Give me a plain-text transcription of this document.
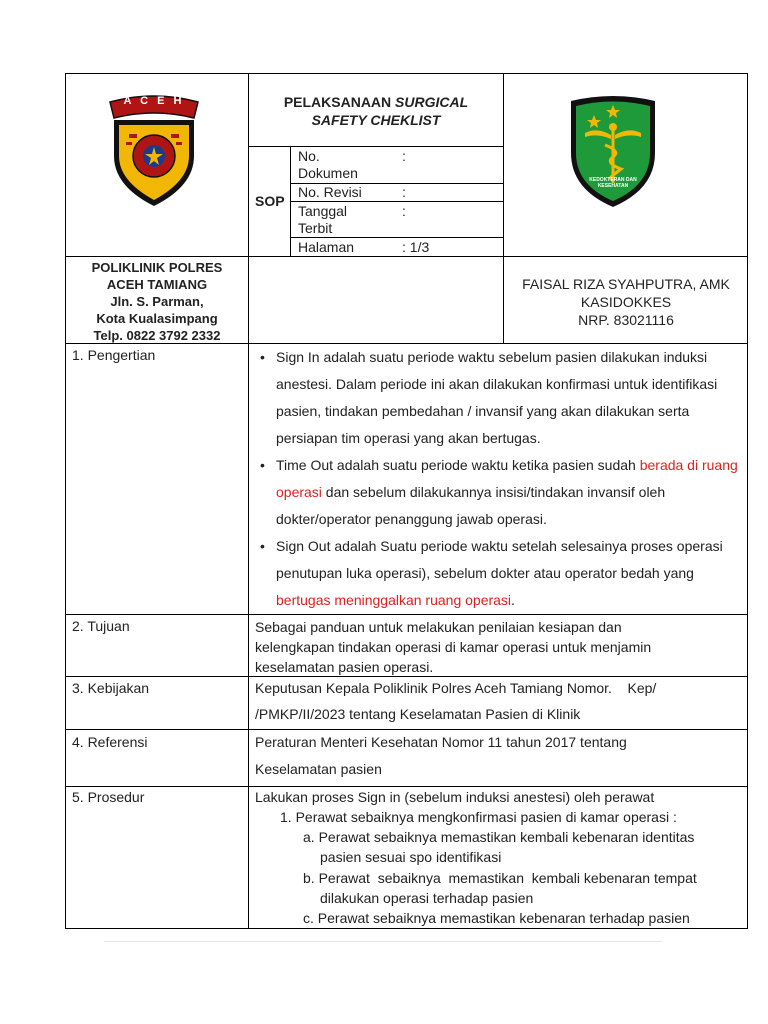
A C E H	PELAKSANAAN SURGICAL
SAFETY CHEKLIST
SOP
No.
Dokumen
:
No. Revisi	:
Tanggal
Terbit
:
Halaman	: 1/3
KEDOKTERAN DAN KESEHATAN
POLIKLINIK POLRES
ACEH TAMIANG
Jln. S. Parman,
Kota Kualasimpang
Telp. 0822 3792 2332
FAISAL RIZA SYAHPUTRA, AMK
KASIDOKKES
NRP. 83021116
1. Pengertian
•	Sign In adalah suatu periode waktu sebelum pasien dilakukan induksi anestesi. Dalam periode ini akan dilakukan konfirmasi untuk identifikasi pasien, tindakan pembedahan / invansif yang akan dilakukan serta persiapan tim operasi yang akan bertugas.
• Time Out adalah suatu periode waktu ketika pasien sudah berada di ruang operasi dan sebelum dilakukannya insisi/tindakan invansif oleh dokter/operator penanggung jawab operasi.
• Sign Out adalah Suatu periode waktu setelah selesainya proses operasi penutupan luka operasi), sebelum dokter atau operator bedah yang bertugas meninggalkan ruang operasi.
2. Tujuan	Sebagai panduan untuk melakukan penilaian kesiapan dan kelengkapan tindakan operasi di kamar operasi untuk menjamin keselamatan pasien operasi.
3. Kebijakan	Keputusan Kepala Poliklinik Polres Aceh Tamiang Nomor.    Kep/
/PMKP/II/2023 tentang Keselamatan Pasien di Klinik
4. Referensi	Peraturan Menteri Kesehatan Nomor 11 tahun 2017 tentang
Keselamatan pasien
5. Prosedur	Lakukan proses Sign in (sebelum induksi anestesi) oleh perawat
1. Perawat sebaiknya mengkonfirmasi pasien di kamar operasi :
a. Perawat sebaiknya memastikan kembali kebenaran identitas
pasien sesuai spo identifikasi
b. Perawat  sebaiknya  memastikan  kembali kebenaran tempat
dilakukan operasi terhadap pasien
c. Perawat sebaiknya memastikan kebenaran terhadap pasien
